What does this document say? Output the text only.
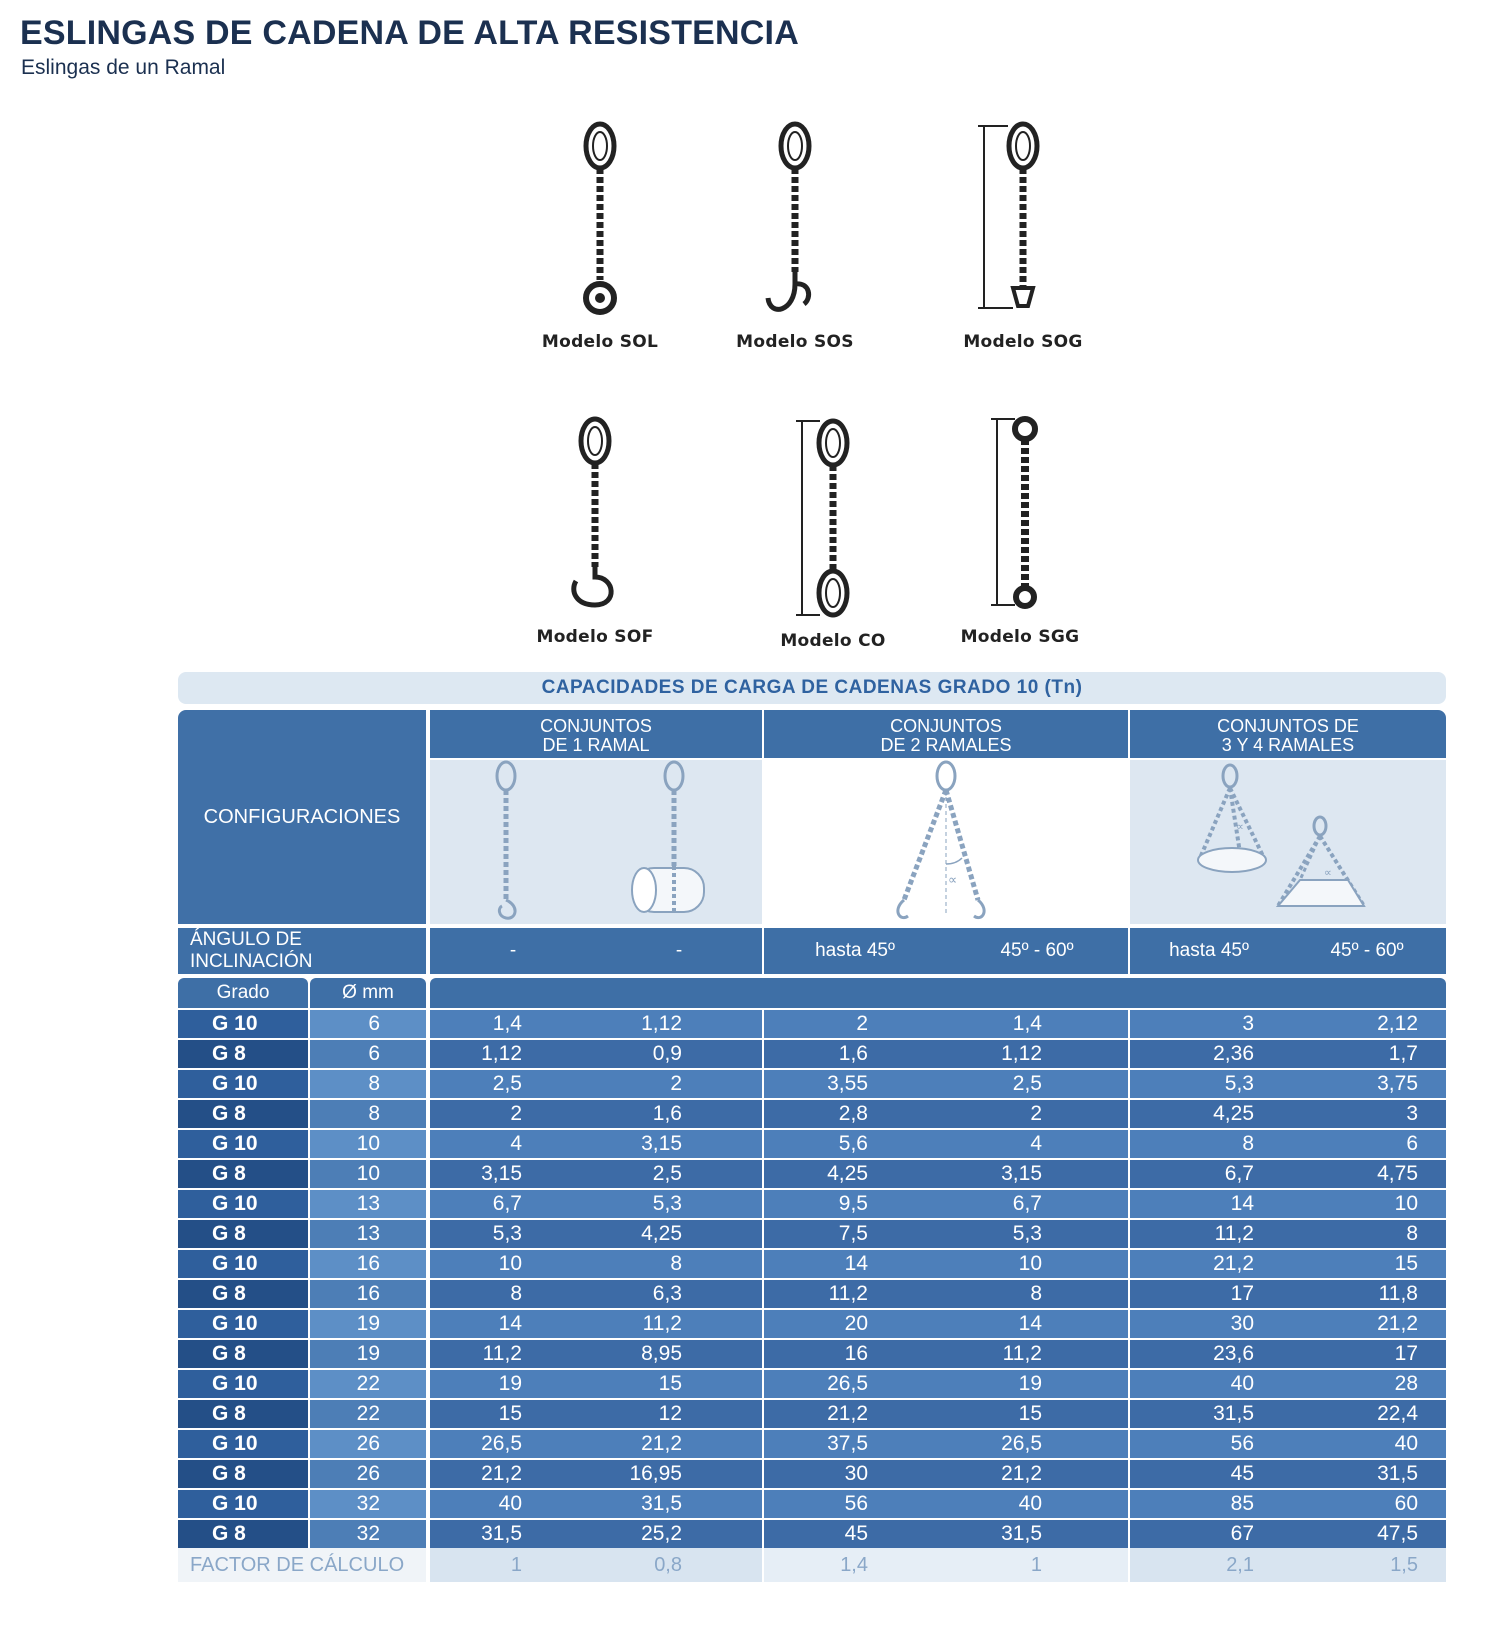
ESLINGAS DE CADENA DE ALTA RESISTENCIA
Eslingas de un Ramal
Modelo SOL	Modelo SOS	Modelo SOG
Modelo SOF	Modelo CO	Modelo SGG
CAPACIDADES DE CARGA DE CADENAS GRADO 10 (Tn)
CONFIGURACIONES
CONJUNTOS
DE 1 RAMAL
CONJUNTOS
DE 2 RAMALES
CONJUNTOS DE
3 Y 4 RAMALES
∝
∝
∝
ÁNGULO DE INCLINACIÓN
-	-	hasta 45º	45º - 60º	hasta 45º	45º - 60º
Grado	Ø mm
G 10	6	1,4	1,12	2	1,4	3	2,12
G 8	6	1,12	0,9	1,6	1,12	2,36	1,7
G 10	8	2,5	2	3,55	2,5	5,3	3,75
G 8	8	2	1,6	2,8	2	4,25	3
G 10	10	4	3,15	5,6	4	8	6
G 8	10	3,15	2,5	4,25	3,15	6,7	4,75
G 10	13	6,7	5,3	9,5	6,7	14	10
G 8	13	5,3	4,25	7,5	5,3	11,2	8
G 10	16	10	8	14	10	21,2	15
G 8	16	8	6,3	11,2	8	17	11,8
G 10	19	14	11,2	20	14	30	21,2
G 8	19	11,2	8,95	16	11,2	23,6	17
G 10	22	19	15	26,5	19	40	28
G 8	22	15	12	21,2	15	31,5	22,4
G 10	26	26,5	21,2	37,5	26,5	56	40
G 8	26	21,2	16,95	30	21,2	45	31,5
G 10	32	40	31,5	56	40	85	60
G 8	32	31,5	25,2	45	31,5	67	47,5
FACTOR DE CÁLCULO	1	0,8	1,4	1	2,1	1,5
